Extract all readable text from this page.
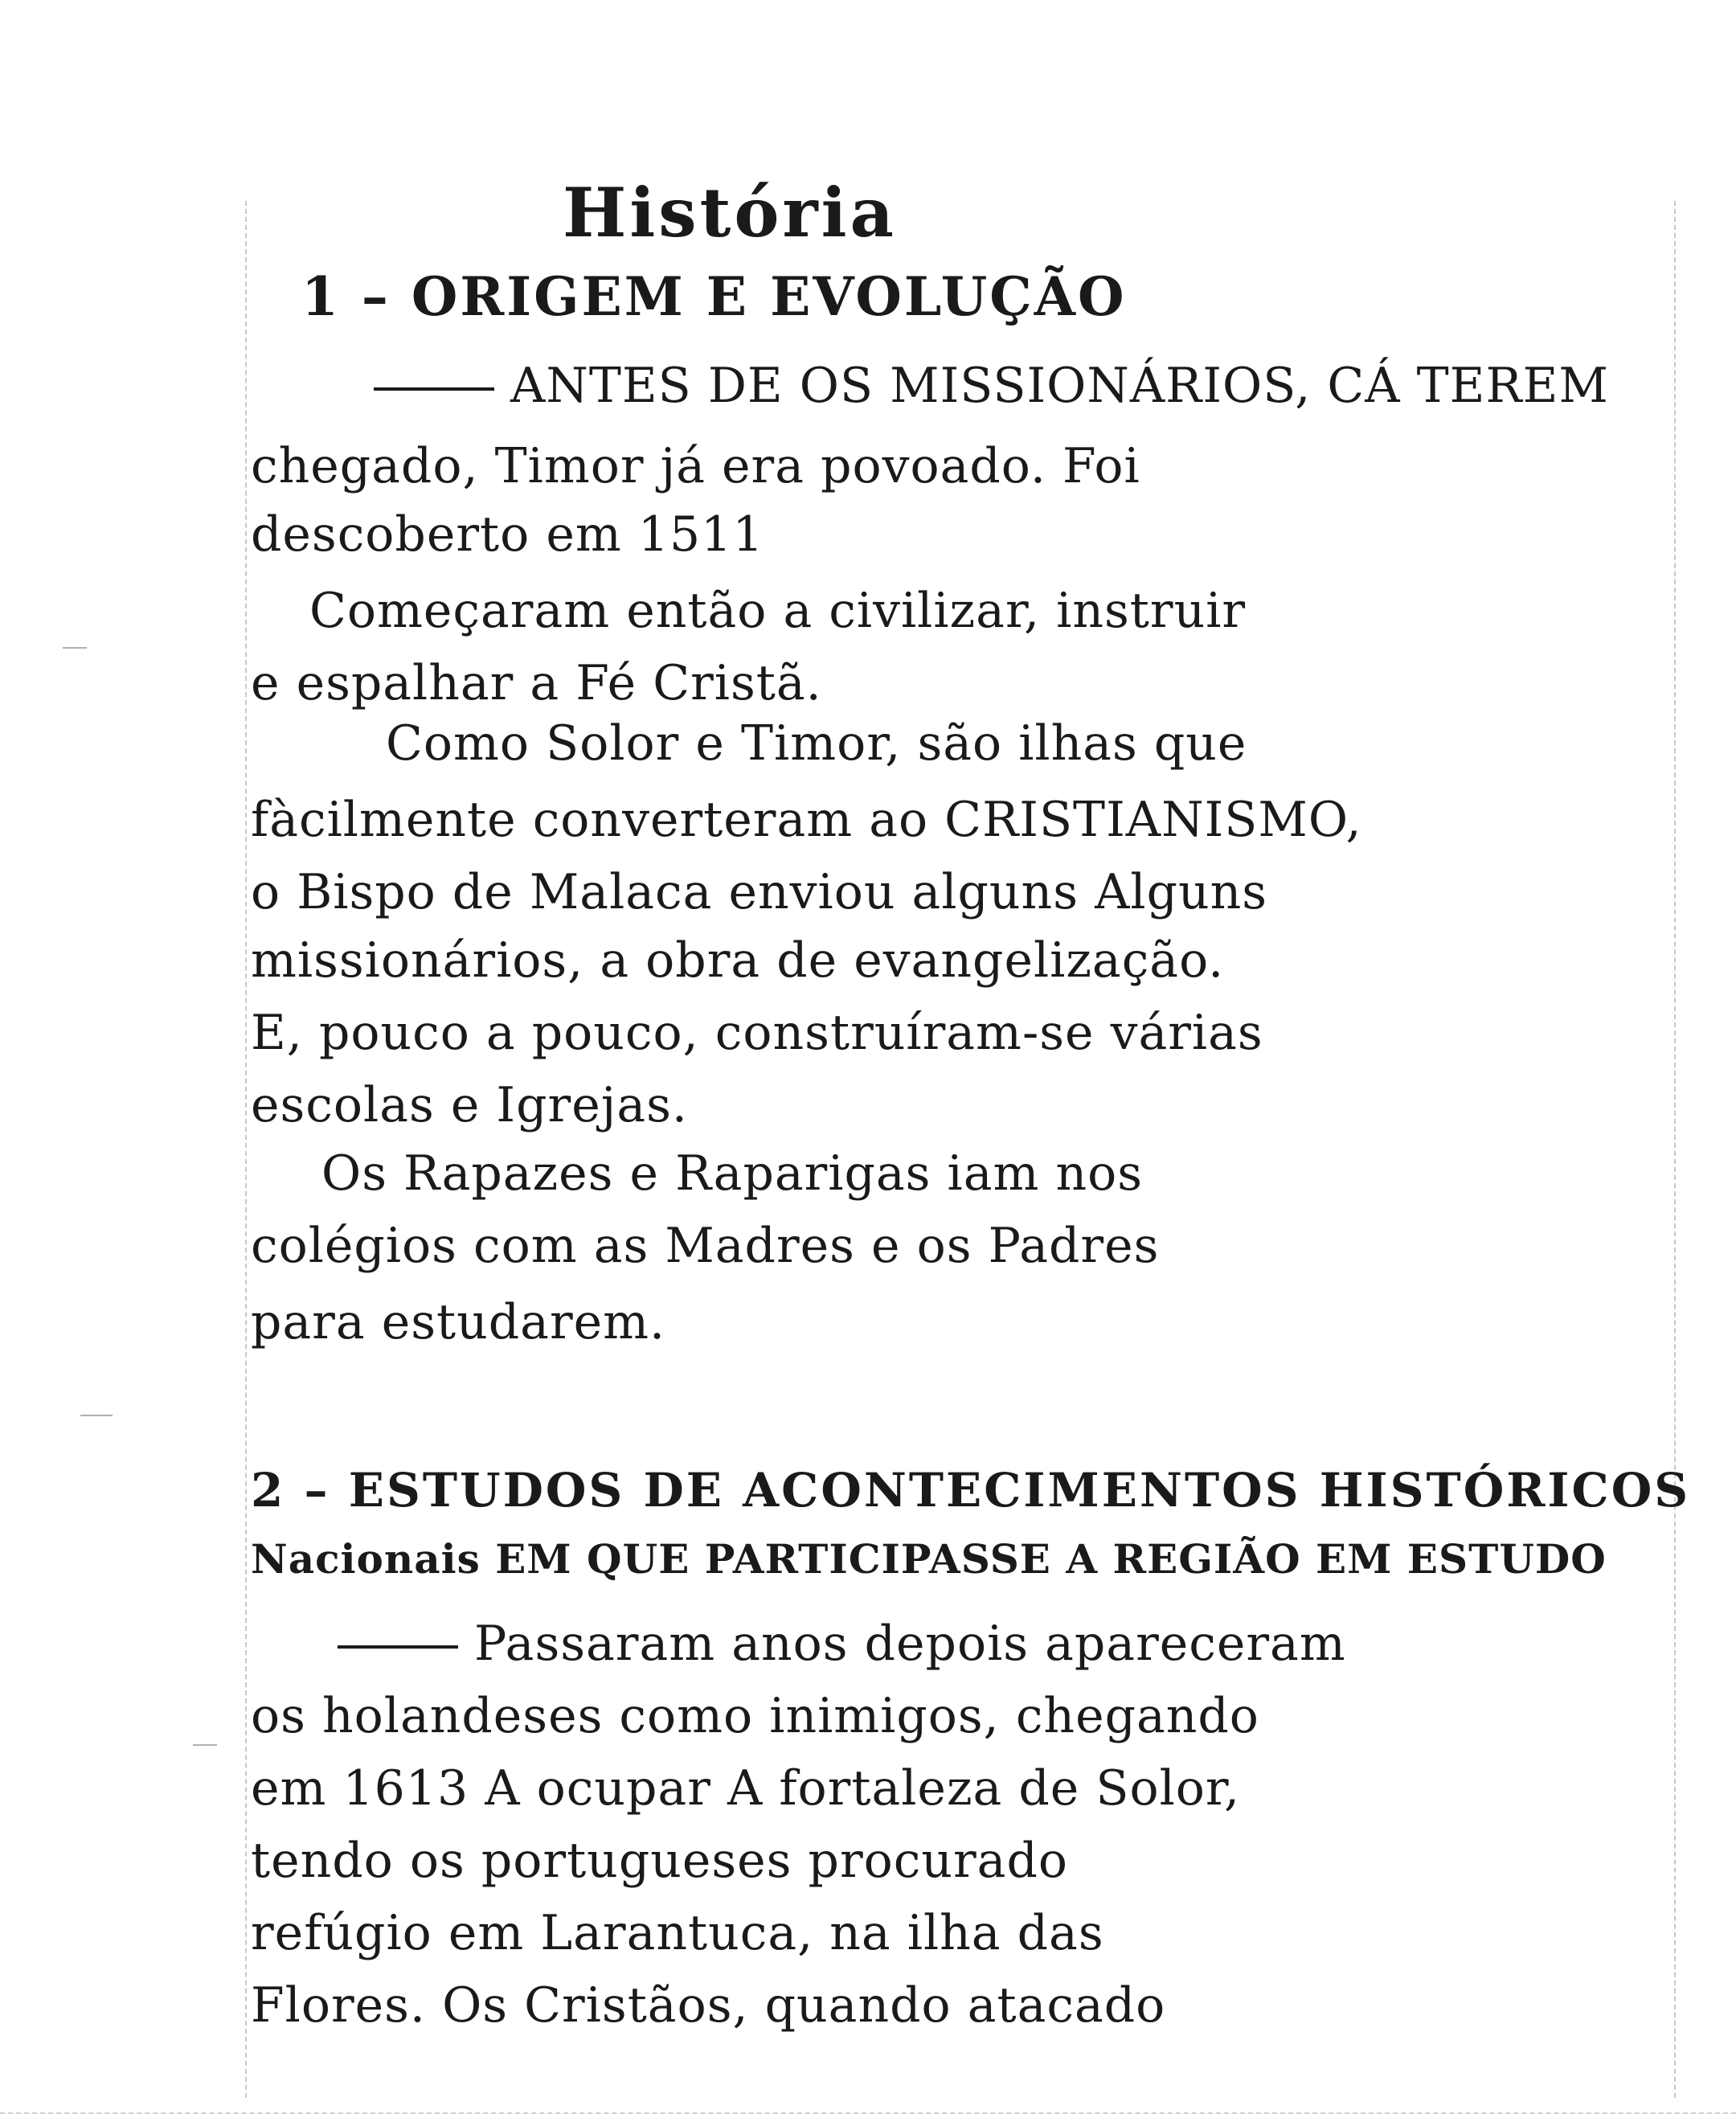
História
1 – ORIGEM E EVOLUÇÃO
ANTES DE OS MISSIONÁRIOS, CÁ TEREM
chegado, Timor já era povoado. Foi
descoberto em 1511
Começaram então a civilizar, instruir
e espalhar a Fé Cristã.
Como Solor e Timor, são ilhas que
fàcilmente converteram ao CRISTIANISMO,
o Bispo de Malaca enviou alguns Alguns
missionários, a obra de evangelização.
E, pouco a pouco, construíram-se várias
escolas e Igrejas.
Os Rapazes e Raparigas iam nos
colégios com as Madres e os Padres
para estudarem.
2 – ESTUDOS DE ACONTECIMENTOS HISTÓRICOS
Nacionais EM QUE PARTICIPASSE A REGIÃO EM ESTUDO
Passaram anos depois apareceram
os holandeses como inimigos, chegando
em 1613 A ocupar A fortaleza de Solor,
tendo os portugueses procurado
refúgio em Larantuca, na ilha das
Flores. Os Cristãos, quando atacado
